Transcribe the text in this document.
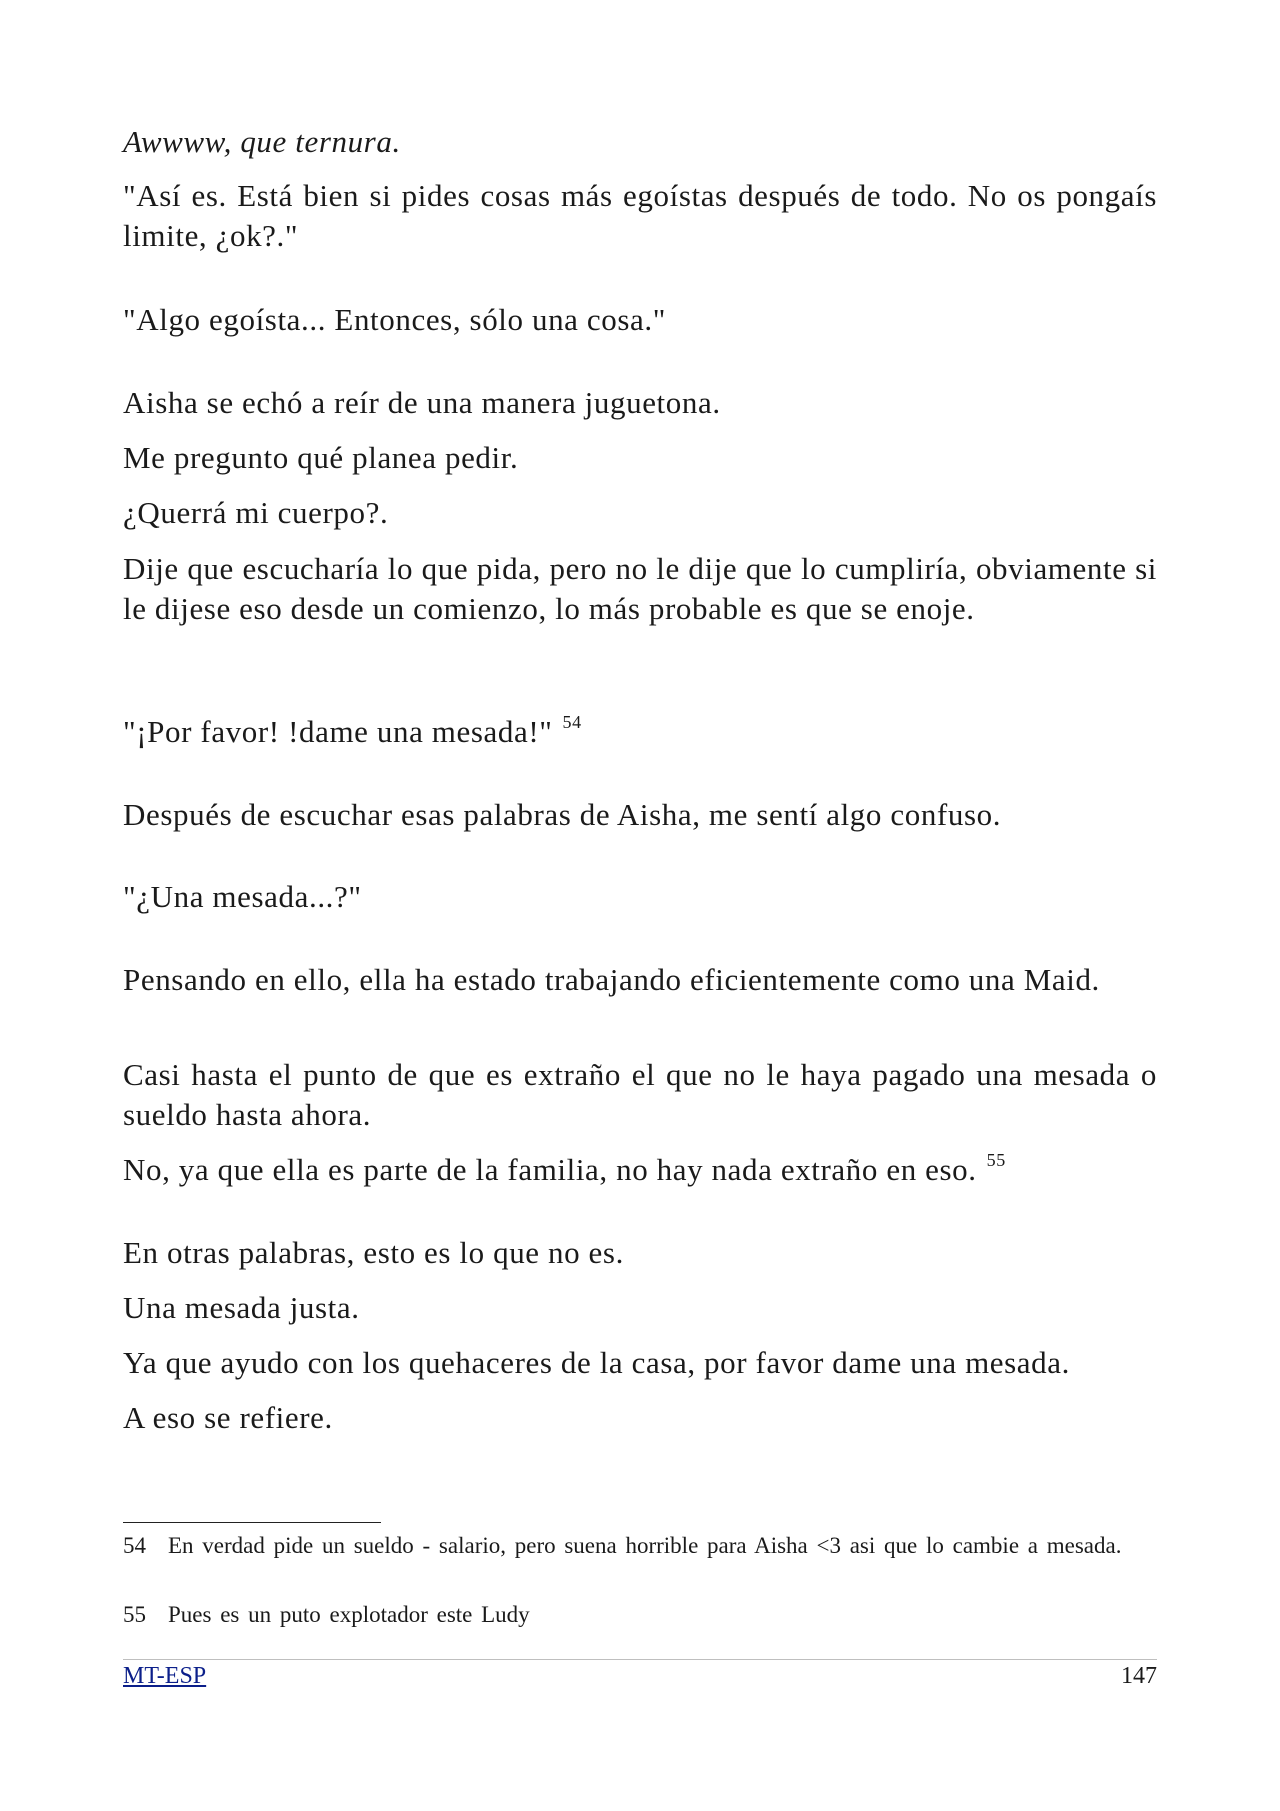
Awwww, que ternura.

"Así es. Está bien si pides cosas más egoístas después de todo. No os pongaís limite, ¿ok?."

"Algo egoísta... Entonces, sólo una cosa."

Aisha se echó a reír de una manera juguetona.

Me pregunto qué planea pedir.

¿Querrá mi cuerpo?.

Dije que escucharía lo que pida, pero no le dije que lo cumpliría, obviamente si le dijese eso desde un comienzo, lo más probable es que se enoje.

"¡Por favor! !dame una mesada!" $^{54}$

Después de escuchar esas palabras de Aisha, me sentí algo confuso.

"¿Una mesada...?"

Pensando en ello, ella ha estado trabajando eficientemente como una Maid.

Casi hasta el punto de que es extraño el que no le haya pagado una mesada o sueldo hasta ahora.

No, ya que ella es parte de la familia, no hay nada extraño en eso. $^{55}$

En otras palabras, esto es lo que no es.

Una mesada justa.

Ya que ayudo con los quehaceres de la casa, por favor dame una mesada.

A eso se refiere.

54 En verdad pide un sueldo - salario, pero suena horrible para Aisha <3 asi que lo cambie a mesada.
55 Pues es un puto explotador este Ludy
MT-ESP	147
